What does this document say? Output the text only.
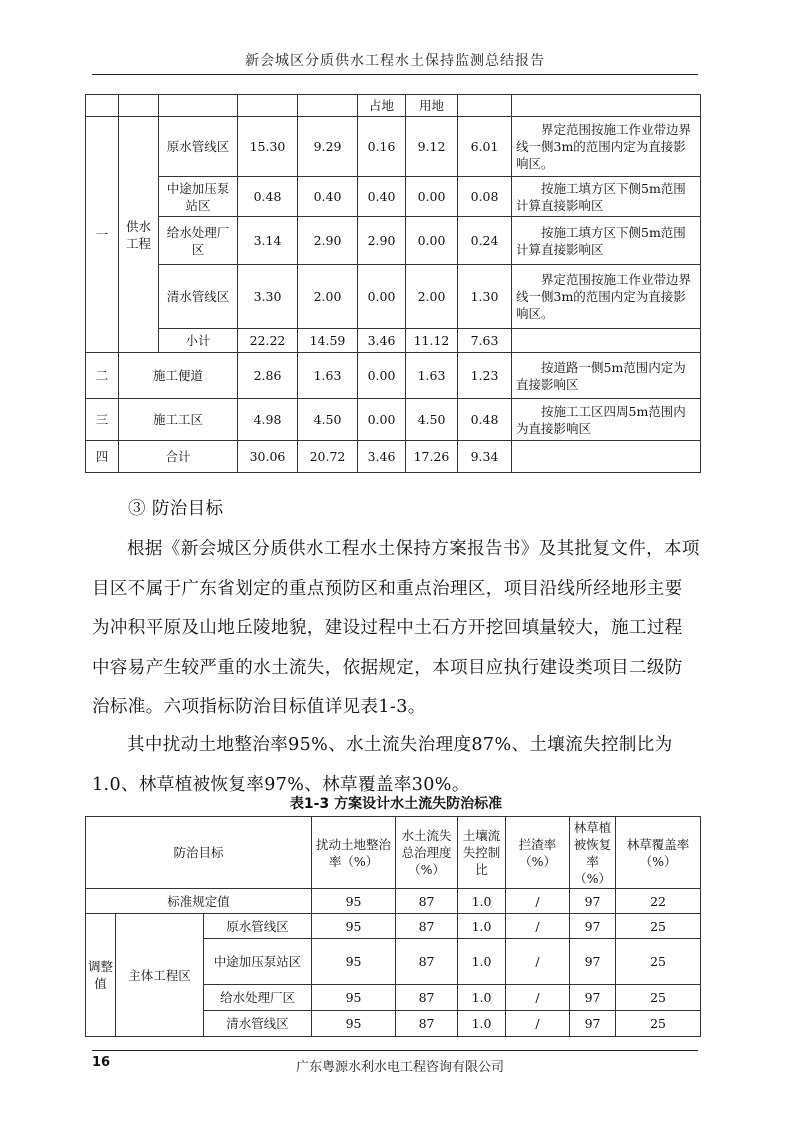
新会城区分质供水工程水土保持监测总结报告
					占地	用地		
一	供水工程	原水管线区	15.30	9.29	0.16	9.12	6.01	界定范围按施工作业带边界线一侧3m的范围内定为直接影响区。
		中途加压泵站区	0.48	0.40	0.40	0.00	0.08	按施工填方区下侧5m范围计算直接影响区
		给水处理厂区	3.14	2.90	2.90	0.00	0.24	按施工填方区下侧5m范围计算直接影响区
		清水管线区	3.30	2.00	0.00	2.00	1.30	界定范围按施工作业带边界线一侧3m的范围内定为直接影响区。
		小计	22.22	14.59	3.46	11.12	7.63	
二	施工便道		2.86	1.63	0.00	1.63	1.23	按道路一侧5m范围内定为直接影响区
三	施工工区		4.98	4.50	0.00	4.50	0.48	按施工工区四周5m范围内为直接影响区
四	合计		30.06	20.72	3.46	17.26	9.34	
③ 防治目标
根据《新会城区分质供水工程水土保持方案报告书》及其批复文件，本项目区不属于广东省划定的重点预防区和重点治理区，项目沿线所经地形主要为冲积平原及山地丘陵地貌，建设过程中土石方开挖回填量较大，施工过程中容易产生较严重的水土流失，依据规定，本项目应执行建设类项目二级防治标准。六项指标防治目标值详见表1-3。
其中扰动土地整治率95%、水土流失治理度87%、土壤流失控制比为1.0、林草植被恢复率97%、林草覆盖率30%。
表1-3 方案设计水土流失防治标准
防治目标			扰动土地整治率（%）	水土流失总治理度（%）	土壤流失控制比	拦渣率（%）	林草植被恢复率（%）	林草覆盖率（%）
标准规定值			95	87	1.0	/	97	22
调整值	主体工程区	原水管线区	95	87	1.0	/	97	25
		中途加压泵站区	95	87	1.0	/	97	25
		给水处理厂区	95	87	1.0	/	97	25
		清水管线区	95	87	1.0	/	97	25
16	广东粤源水利水电工程咨询有限公司
